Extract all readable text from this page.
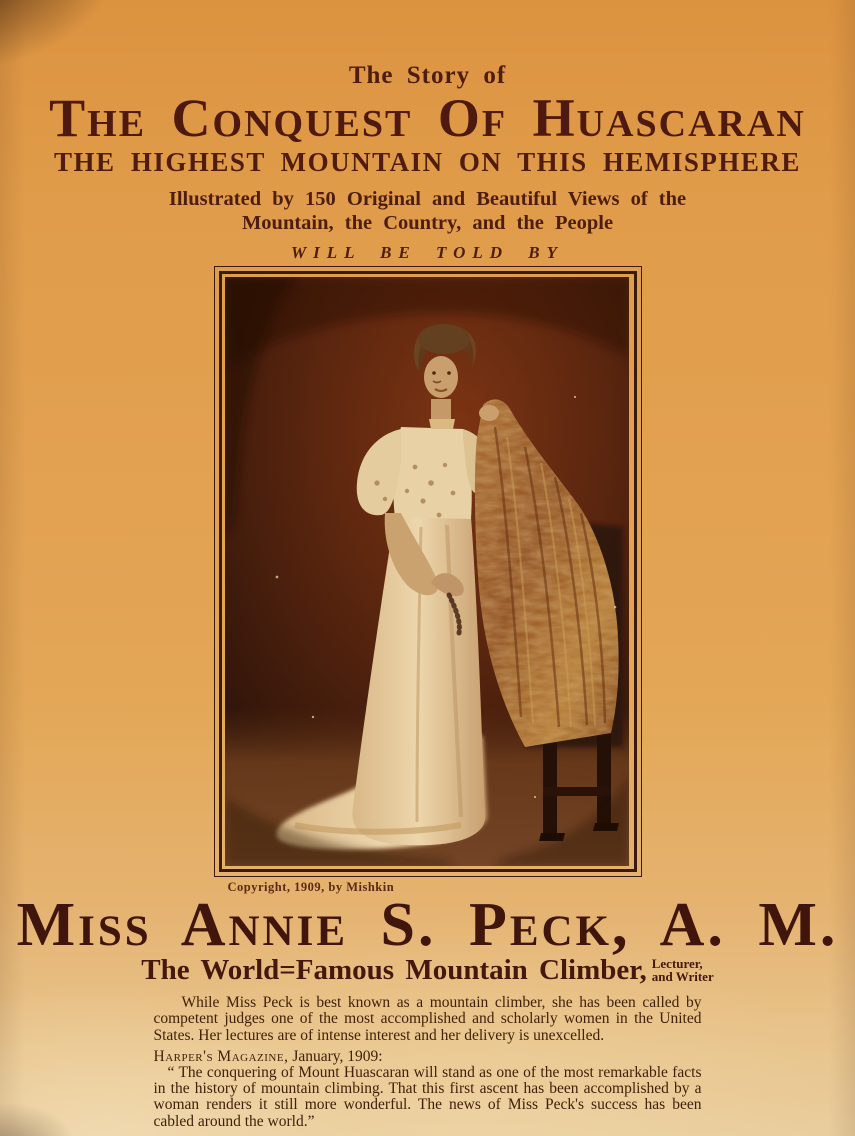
The Story of
The Conquest Of Huascaran
THE HIGHEST MOUNTAIN ON THIS HEMISPHERE
Illustrated by 150 Original and Beautiful Views of the
Mountain, the Country, and the People
WILL BE TOLD BY
Copyright, 1909, by Mishkin
Miss Annie S. Peck, A. M.
The World=Famous Mountain Climber, Lecturer,
and Writer
While Miss Peck is best known as a mountain climber, she has been called by competent judges one of the most accomplished and scholarly women in the United States. Her lectures are of intense interest and her delivery is unexcelled.
Harper's Magazine, January, 1909:
“ The conquering of Mount Huascaran will stand as one of the most remarkable facts in the history of mountain climbing. That this first ascent has been accomplished by a woman renders it still more wonderful. The news of Miss Peck's success has been cabled around the world.”
